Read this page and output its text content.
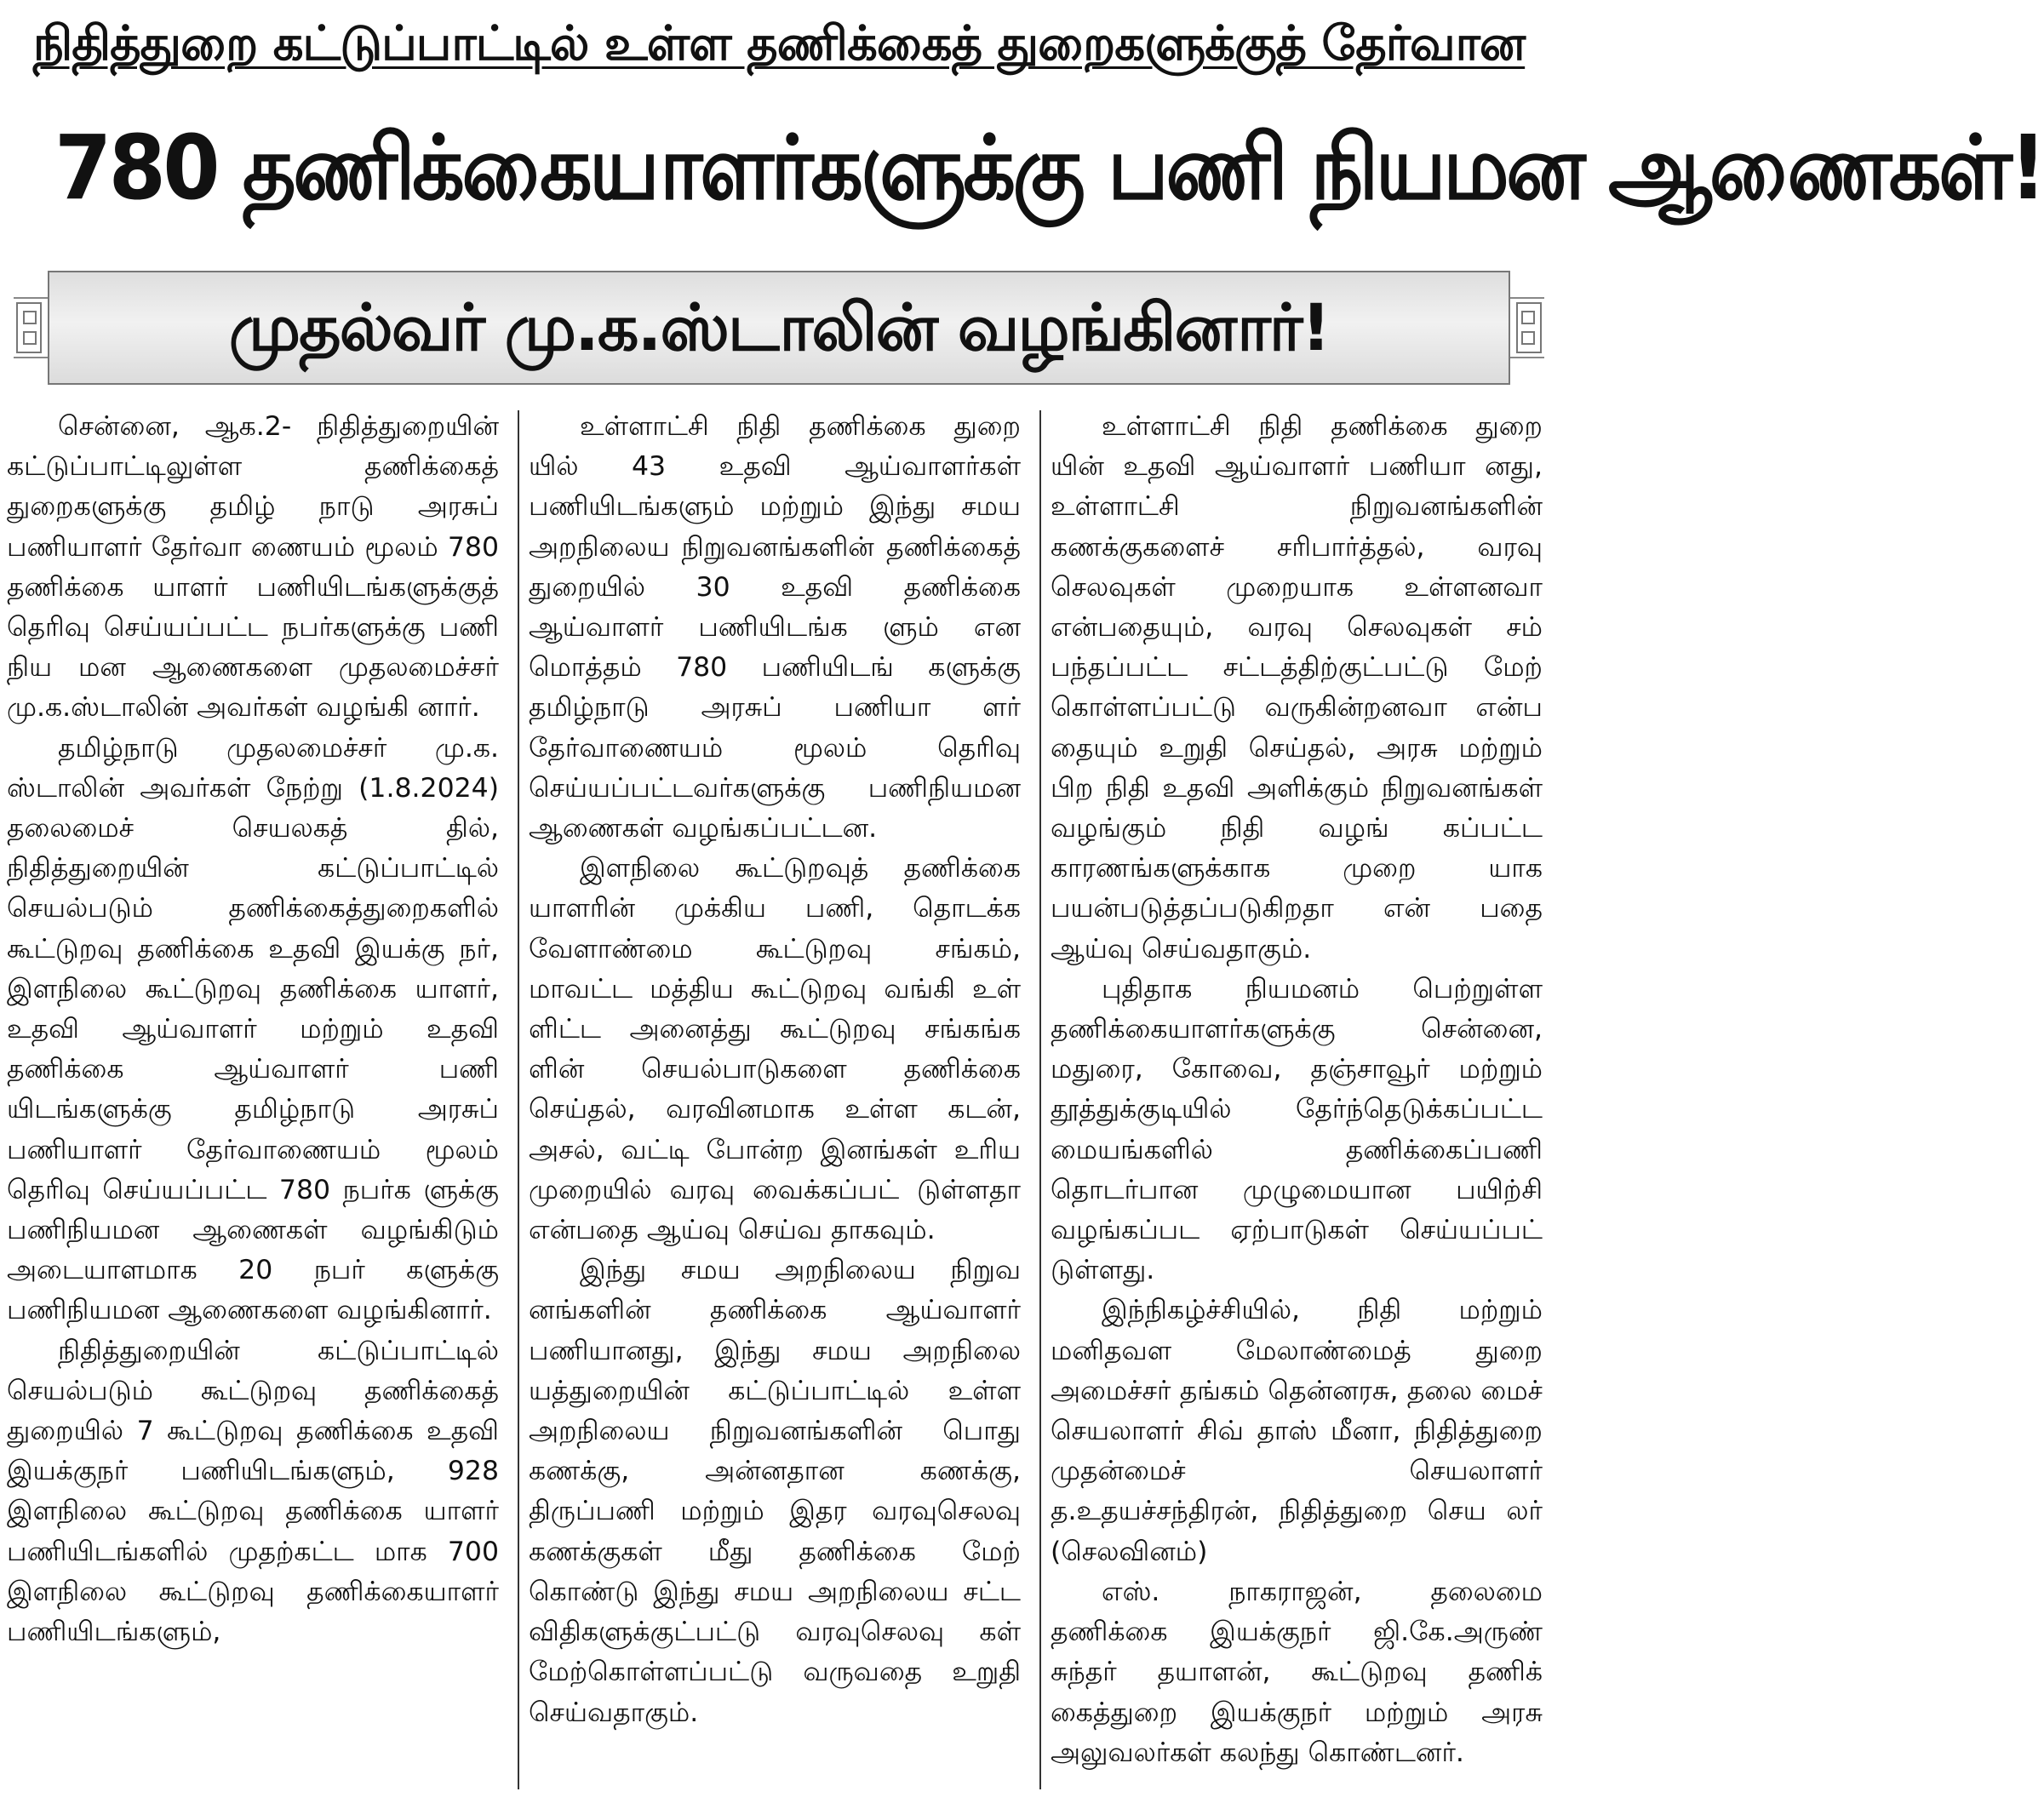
நிதித்துறை கட்டுப்பாட்டில் உள்ள தணிக்கைத் துறைகளுக்குத் தேர்வான
780 தணிக்கையாளர்களுக்கு பணி நியமன ஆணைகள்!
முதல்வர் மு.க.ஸ்டாலின் வழங்கினார்!

சென்னை, ஆக.2- நிதித்துறையின் கட்டுப்பாட்டிலுள்ள தணிக்கைத் துறைகளுக்கு தமிழ் நாடு அரசுப் பணியாளர் தேர்வா ணையம் மூலம் 780 தணிக்கை யாளர் பணியிடங்களுக்குத் தெரிவு செய்யப்பட்ட நபர்களுக்கு பணி நிய மன ஆணைகளை முதலமைச்சர் மு.க.ஸ்டாலின் அவர்கள் வழங்கி னார்.

தமிழ்நாடு முதலமைச்சர் மு.க. ஸ்டாலின் அவர்கள் நேற்று (1.8.2024) தலைமைச் செயலகத் தில், நிதித்துறையின் கட்டுப்பாட்டில் செயல்படும் தணிக்கைத்துறைகளில் கூட்டுறவு தணிக்கை உதவி இயக்கு நர், இளநிலை கூட்டுறவு தணிக்கை யாளர், உதவி ஆய்வாளர் மற்றும் உதவி தணிக்கை ஆய்வாளர் பணி யிடங்களுக்கு தமிழ்நாடு அரசுப் பணியாளர் தேர்வாணையம் மூலம் தெரிவு செய்யப்பட்ட 780 நபர்க ளுக்கு பணிநியமன ஆணைகள் வழங்கிடும் அடையாளமாக 20 நபர் களுக்கு பணிநியமன ஆணைகளை வழங்கினார்.

நிதித்துறையின் கட்டுப்பாட்டில் செயல்படும் கூட்டுறவு தணிக்கைத் துறையில் 7 கூட்டுறவு தணிக்கை உதவி இயக்குநர் பணியிடங்களும், 928 இளநிலை கூட்டுறவு தணிக்கை யாளர் பணியிடங்களில் முதற்கட்ட மாக 700 இளநிலை கூட்டுறவு தணிக்கையாளர் பணியிடங்களும்,

உள்ளாட்சி நிதி தணிக்கை துறை யில் 43 உதவி ஆய்வாளர்கள் பணியிடங்களும் மற்றும் இந்து சமய அறநிலைய நிறுவனங்களின் தணிக்கைத் துறையில் 30 உதவி தணிக்கை ஆய்வாளர் பணியிடங்க ளும் என மொத்தம் 780 பணியிடங் களுக்கு தமிழ்நாடு அரசுப் பணியா ளர் தேர்வாணையம் மூலம் தெரிவு செய்யப்பட்டவர்களுக்கு பணிநியமன ஆணைகள் வழங்கப்பட்டன.

இளநிலை கூட்டுறவுத் தணிக்கை யாளரின் முக்கிய பணி, தொடக்க வேளாண்மை கூட்டுறவு சங்கம், மாவட்ட மத்திய கூட்டுறவு வங்கி உள் ளிட்ட அனைத்து கூட்டுறவு சங்கங்க ளின் செயல்பாடுகளை தணிக்கை செய்தல், வரவினமாக உள்ள கடன், அசல், வட்டி போன்ற இனங்கள் உரிய முறையில் வரவு வைக்கப்பட் டுள்ளதா என்பதை ஆய்வு செய்வ தாகவும்.

இந்து சமய அறநிலைய நிறுவ னங்களின் தணிக்கை ஆய்வாளர் பணியானது, இந்து சமய அறநிலை யத்துறையின் கட்டுப்பாட்டில் உள்ள அறநிலைய நிறுவனங்களின் பொது கணக்கு, அன்னதான கணக்கு, திருப்பணி மற்றும் இதர வரவுசெலவு கணக்குகள் மீது தணிக்கை மேற் கொண்டு இந்து சமய அறநிலைய சட்ட விதிகளுக்குட்பட்டு வரவுசெலவு கள் மேற்கொள்ளப்பட்டு வருவதை உறுதி செய்வதாகும்.

உள்ளாட்சி நிதி தணிக்கை துறை யின் உதவி ஆய்வாளர் பணியா னது, உள்ளாட்சி நிறுவனங்களின் கணக்குகளைச் சரிபார்த்தல், வரவு செலவுகள் முறையாக உள்ளனவா என்பதையும், வரவு செலவுகள் சம் பந்தப்பட்ட சட்டத்திற்குட்பட்டு மேற் கொள்ளப்பட்டு வருகின்றனவா என்ப தையும் உறுதி செய்தல், அரசு மற்றும் பிற நிதி உதவி அளிக்கும் நிறுவனங்கள் வழங்கும் நிதி வழங் கப்பட்ட காரணங்களுக்காக முறை யாக பயன்படுத்தப்படுகிறதா என் பதை ஆய்வு செய்வதாகும்.

புதிதாக நியமனம் பெற்றுள்ள தணிக்கையாளர்களுக்கு சென்னை, மதுரை, கோவை, தஞ்சாவூர் மற்றும் தூத்துக்குடியில் தேர்ந்தெடுக்கப்பட்ட மையங்களில் தணிக்கைப்பணி தொடர்பான முழுமையான பயிற்சி வழங்கப்பட ஏற்பாடுகள் செய்யப்பட் டுள்ளது.

இந்நிகழ்ச்சியில், நிதி மற்றும் மனிதவள மேலாண்மைத் துறை அமைச்சர் தங்கம் தென்னரசு, தலை மைச் செயலாளர் சிவ் தாஸ் மீனா, நிதித்துறை முதன்மைச் செயலாளர் த.உதயச்சந்திரன், நிதித்துறை செய லர் (செலவினம்)

எஸ். நாகராஜன், தலைமை தணிக்கை இயக்குநர் ஜி.கே.அருண் சுந்தர் தயாளன், கூட்டுறவு தணிக் கைத்துறை இயக்குநர் மற்றும் அரசு அலுவலர்கள் கலந்து கொண்டனர்.
